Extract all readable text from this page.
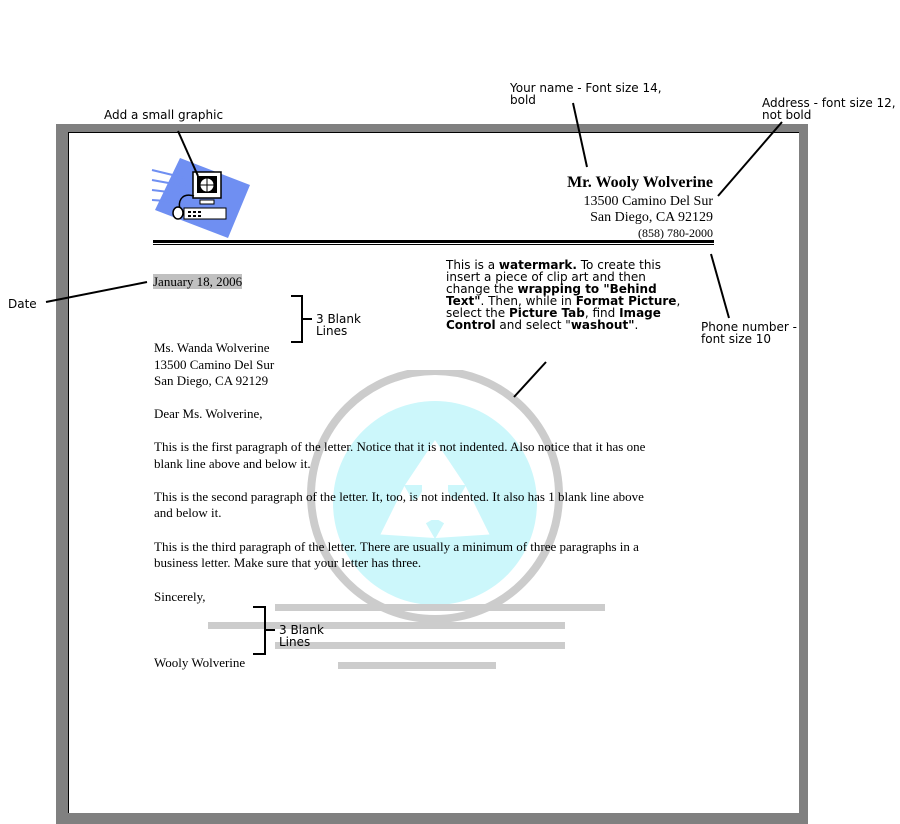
Mr. Wooly Wolverine
13500 Camino Del Sur
San Diego, CA 92129
(858) 780-2000
Add a small graphic
Your name - Font size 14,
bold	Address - font size 12,
not bold
Date
3 Blank
Lines	Phone number -
font size 10
3 Blank
Lines
This is a watermark. To create this insert a piece of clip art and then change the wrapping to "Behind Text". Then, while in Format Picture, select the Picture Tab, find Image Control and select "washout".
January 18, 2006
Ms. Wanda Wolverine
13500 Camino Del Sur
San Diego, CA 92129
Dear Ms. Wolverine,
This is the first paragraph of the letter. Notice that it is not indented. Also notice that it has one
blank line above and below it.
This is the second paragraph of the letter. It, too, is not indented. It also has 1 blank line above
and below it.
This is the third paragraph of the letter. There are usually a minimum of three paragraphs in a
business letter. Make sure that your letter has three.
Sincerely,
Wooly Wolverine
